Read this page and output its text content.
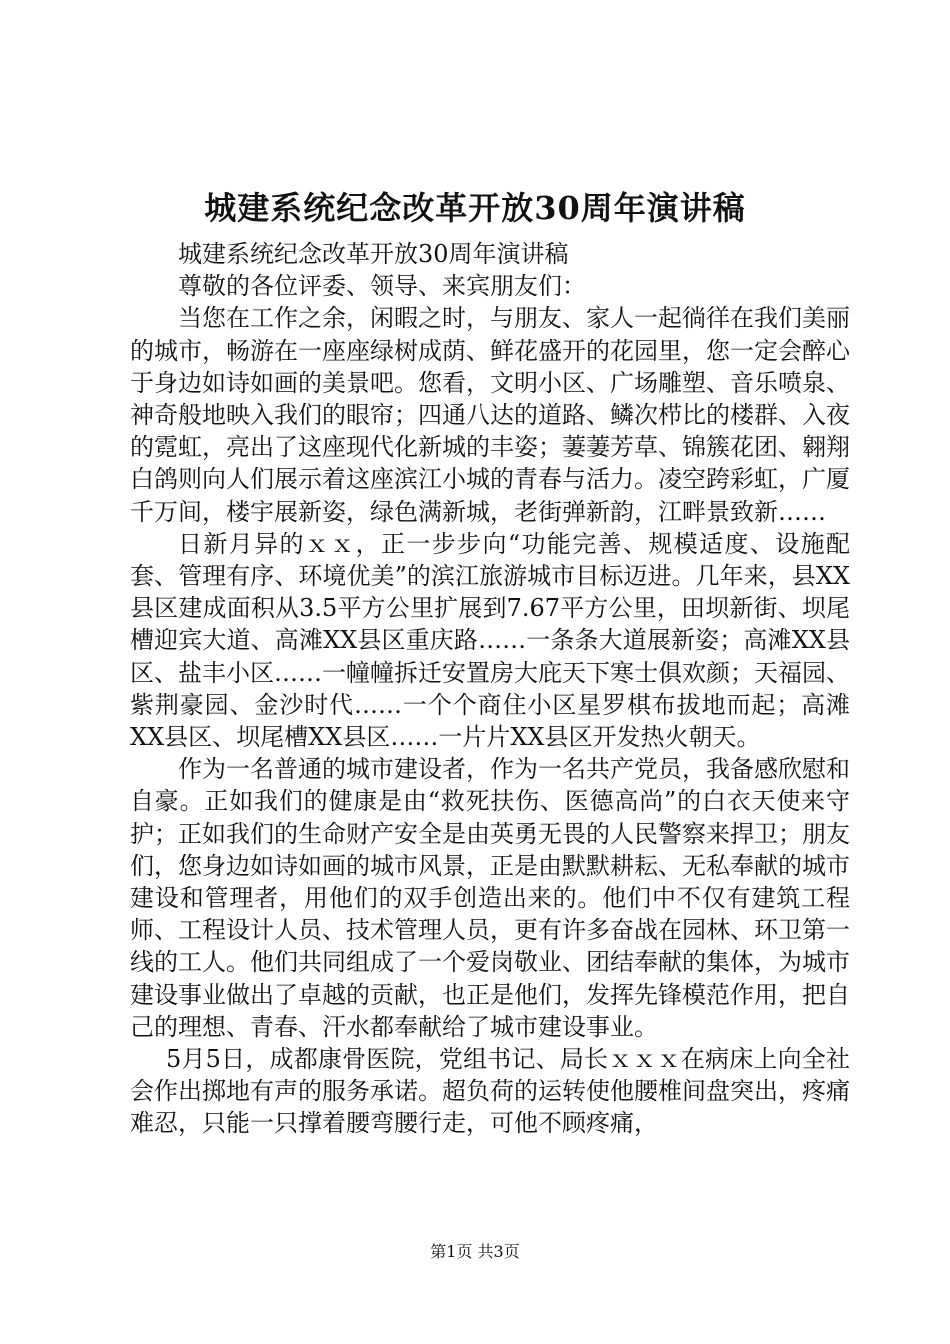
城建系统纪念改革开放30周年演讲稿

城建系统纪念改革开放30周年演讲稿

尊敬的各位评委、领导、来宾朋友们：

当您在工作之余，闲暇之时，与朋友、家人一起徜徉在我们美丽的城市，畅游在一座座绿树成荫、鲜花盛开的花园里，您一定会醉心于身边如诗如画的美景吧。您看，文明小区、广场雕塑、音乐喷泉、神奇般地映入我们的眼帘；四通八达的道路、鳞次栉比的楼群、入夜的霓虹，亮出了这座现代化新城的丰姿；萋萋芳草、锦簇花团、翱翔白鸽则向人们展示着这座滨江小城的青春与活力。凌空跨彩虹，广厦千万间，楼宇展新姿，绿色满新城，老街弹新韵，江畔景致新……

日新月异的ｘｘ，正一步步向“功能完善、规模适度、设施配套、管理有序、环境优美”的滨江旅游城市目标迈进。几年来，县XX县区建成面积从3.5平方公里扩展到7.67平方公里，田坝新街、坝尾槽迎宾大道、高滩XX县区重庆路……一条条大道展新姿；高滩XX县区、盐丰小区……一幢幢拆迁安置房大庇天下寒士俱欢颜；天福园、紫荆豪园、金沙时代……一个个商住小区星罗棋布拔地而起；高滩XX县区、坝尾槽XX县区……一片片XX县区开发热火朝天。

作为一名普通的城市建设者，作为一名共产党员，我备感欣慰和自豪。正如我们的健康是由“救死扶伤、医德高尚”的白衣天使来守护；正如我们的生命财产安全是由英勇无畏的人民警察来捍卫；朋友们，您身边如诗如画的城市风景，正是由默默耕耘、无私奉献的城市建设和管理者，用他们的双手创造出来的。他们中不仅有建筑工程师、工程设计人员、技术管理人员，更有许多奋战在园林、环卫第一线的工人。他们共同组成了一个爱岗敬业、团结奉献的集体，为城市建设事业做出了卓越的贡献，也正是他们，发挥先锋模范作用，把自己的理想、青春、汗水都奉献给了城市建设事业。

5月5日，成都康骨医院，党组书记、局长ｘｘｘ在病床上向全社会作出掷地有声的服务承诺。超负荷的运转使他腰椎间盘突出，疼痛难忍，只能一只撑着腰弯腰行走，可他不顾疼痛，

第1页 共3页
